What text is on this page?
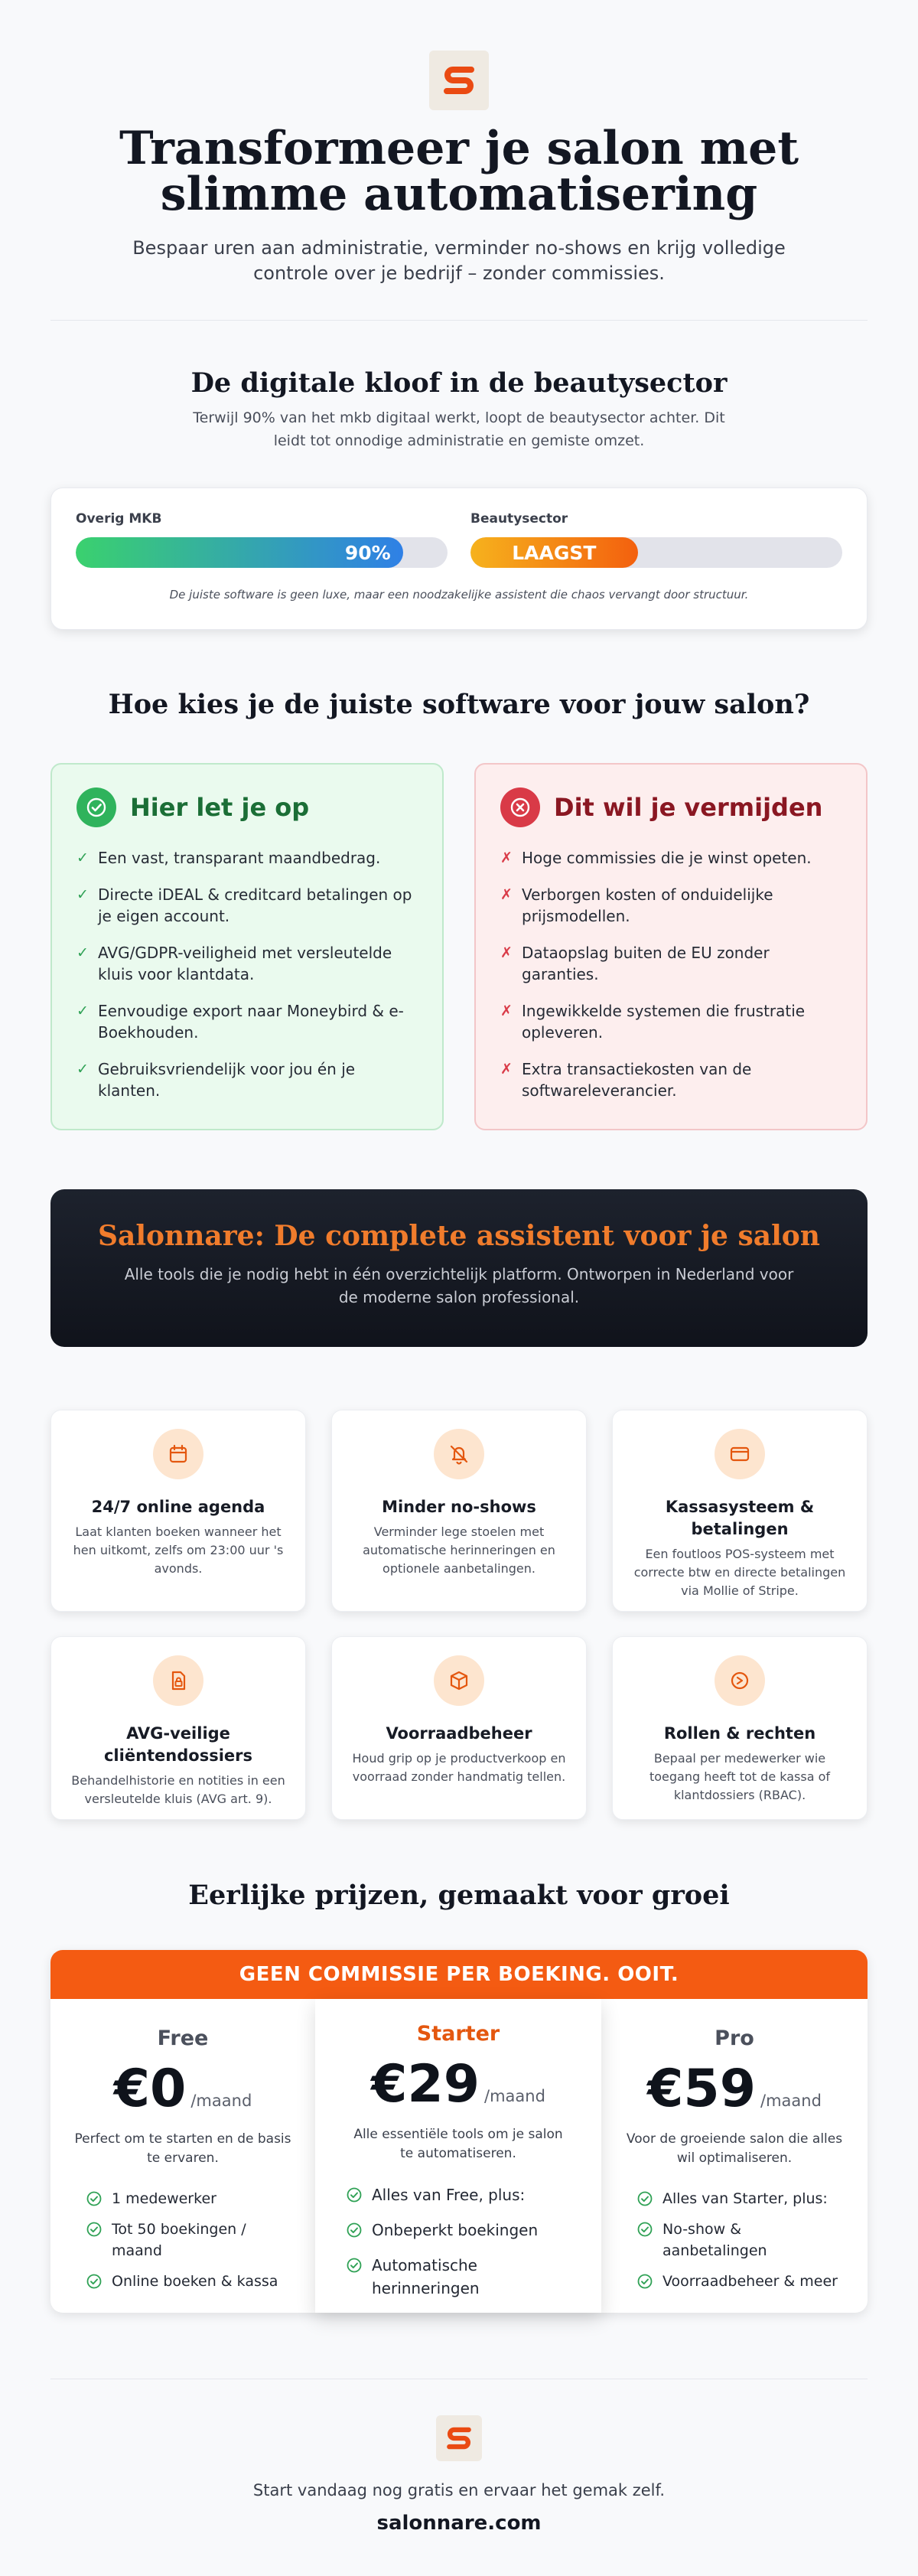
Transformeer je salon met slimme automatisering

Bespaar uren aan administratie, verminder no-shows en krijg volledige controle over je bedrijf – zonder commissies.

De digitale kloof in de beautysector

Terwijl 90% van het mkb digitaal werkt, loopt de beautysector achter. Dit leidt tot onnodige administratie en gemiste omzet.

Overig MKB
90%
Beautysector
LAAGST

De juiste software is geen luxe, maar een noodzakelijke assistent die chaos vervangt door structuur.

Hoe kies je de juiste software voor jouw salon?
Hier let je op
✓ Een vast, transparant maandbedrag.
✓ Directe iDEAL & creditcard betalingen op je eigen account.
✓ AVG/GDPR-veiligheid met versleutelde kluis voor klantdata.
✓ Eenvoudige export naar Moneybird & e-Boekhouden.
✓ Gebruiksvriendelijk voor jou én je klanten.
Dit wil je vermijden
✗ Hoge commissies die je winst opeten.
✗ Verborgen kosten of onduidelijke prijsmodellen.
✗ Dataopslag buiten de EU zonder garanties.
✗ Ingewikkelde systemen die frustratie opleveren.
✗ Extra transactiekosten van de softwareleverancier.
Salonnare: De complete assistent voor je salon

Alle tools die je nodig hebt in één overzichtelijk platform. Ontworpen in Nederland voor de moderne salon professional.

24/7 online agenda
Laat klanten boeken wanneer het hen uitkomt, zelfs om 23:00 uur 's avonds.
Minder no-shows
Verminder lege stoelen met automatische herinneringen en optionele aanbetalingen.
Kassasysteem & betalingen
Een foutloos POS-systeem met correcte btw en directe betalingen via Mollie of Stripe.
AVG-veilige cliëntendossiers
Behandelhistorie en notities in een versleutelde kluis (AVG art. 9).
Voorraadbeheer
Houd grip op je productverkoop en voorraad zonder handmatig tellen.
Rollen & rechten
Bepaal per medewerker wie toegang heeft tot de kassa of klantdossiers (RBAC).
Eerlijke prijzen, gemaakt voor groei
GEEN COMMISSIE PER BOEKING. OOIT.
Free
€0 /maand

Perfect om te starten en de basis te ervaren.

1 medewerker
Tot 50 boekingen / maand
Online boeken & kassa
Starter
€29 /maand

Alle essentiële tools om je salon te automatiseren.

Alles van Free, plus:
Onbeperkt boekingen
Automatische herinneringen
Pro
€59 /maand

Voor de groeiende salon die alles wil optimaliseren.

Alles van Starter, plus:
No-show & aanbetalingen
Voorraadbeheer & meer

Start vandaag nog gratis en ervaar het gemak zelf.

salonnare.com
